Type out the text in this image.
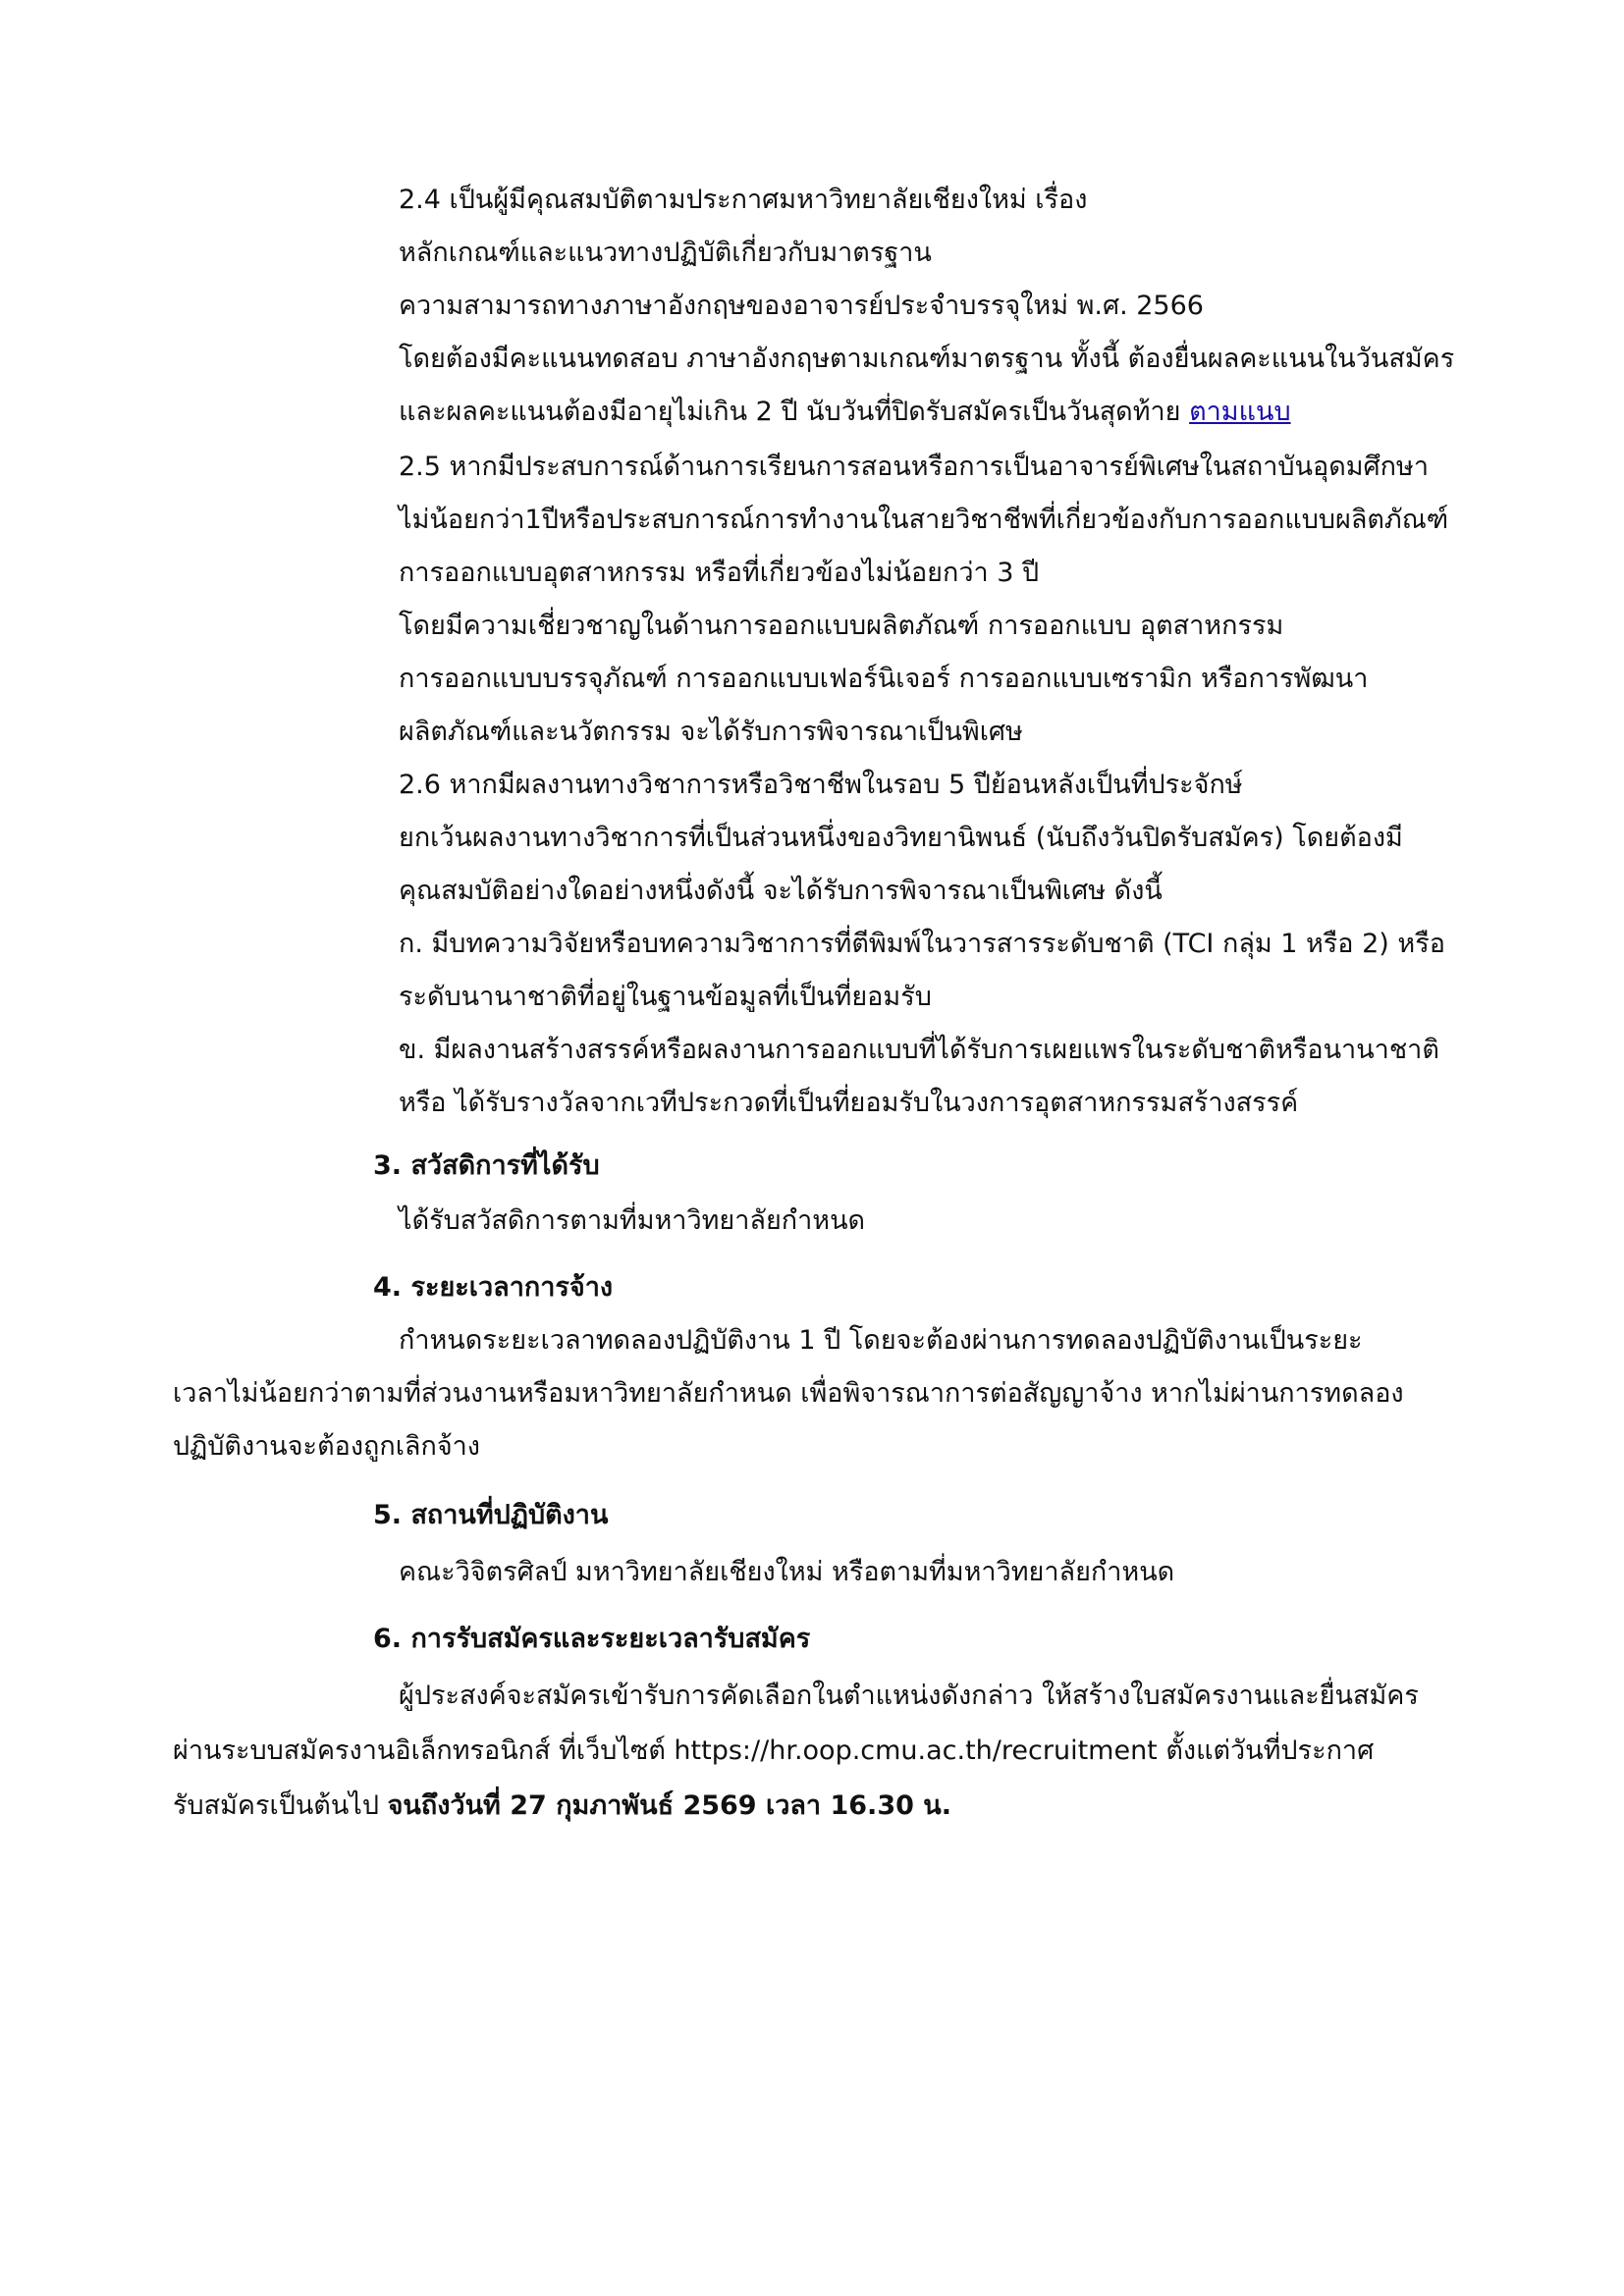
2.4 เป็นผู้มีคุณสมบัติตามประกาศมหาวิทยาลัยเชียงใหม่ เรื่อง
หลักเกณฑ์และแนวทางปฏิบัติเกี่ยวกับมาตรฐาน
ความสามารถทางภาษาอังกฤษของอาจารย์ประจำบรรจุใหม่ พ.ศ. 2566
โดยต้องมีคะแนนทดสอบ ภาษาอังกฤษตามเกณฑ์มาตรฐาน ทั้งนี้ ต้องยื่นผลคะแนนในวันสมัคร
และผลคะแนนต้องมีอายุไม่เกิน 2 ปี นับวันที่ปิดรับสมัครเป็นวันสุดท้าย ตามแนบ
2.5 หากมีประสบการณ์ด้านการเรียนการสอนหรือการเป็นอาจารย์พิเศษในสถาบันอุดมศึกษา
ไม่น้อยกว่า1ปีหรือประสบการณ์การทำงานในสายวิชาชีพที่เกี่ยวข้องกับการออกแบบผลิตภัณฑ์
การออกแบบอุตสาหกรรม หรือที่เกี่ยวข้องไม่น้อยกว่า 3 ปี
โดยมีความเชี่ยวชาญในด้านการออกแบบผลิตภัณฑ์ การออกแบบ อุตสาหกรรม
การออกแบบบรรจุภัณฑ์ การออกแบบเฟอร์นิเจอร์ การออกแบบเซรามิก หรือการพัฒนา
ผลิตภัณฑ์และนวัตกรรม จะได้รับการพิจารณาเป็นพิเศษ
2.6 หากมีผลงานทางวิชาการหรือวิชาชีพในรอบ 5 ปีย้อนหลังเป็นที่ประจักษ์
ยกเว้นผลงานทางวิชาการที่เป็นส่วนหนึ่งของวิทยานิพนธ์ (นับถึงวันปิดรับสมัคร) โดยต้องมี
คุณสมบัติอย่างใดอย่างหนึ่งดังนี้ จะได้รับการพิจารณาเป็นพิเศษ ดังนี้
ก. มีบทความวิจัยหรือบทความวิชาการที่ตีพิมพ์ในวารสารระดับชาติ (TCI กลุ่ม 1 หรือ 2) หรือ
ระดับนานาชาติที่อยู่ในฐานข้อมูลที่เป็นที่ยอมรับ
ข. มีผลงานสร้างสรรค์หรือผลงานการออกแบบที่ได้รับการเผยแพรในระดับชาติหรือนานาชาติ
หรือ ได้รับรางวัลจากเวทีประกวดที่เป็นที่ยอมรับในวงการอุตสาหกรรมสร้างสรรค์
3. สวัสดิการที่ได้รับ
ได้รับสวัสดิการตามที่มหาวิทยาลัยกำหนด
4. ระยะเวลาการจ้าง
กำหนดระยะเวลาทดลองปฏิบัติงาน 1 ปี โดยจะต้องผ่านการทดลองปฏิบัติงานเป็นระยะ
เวลาไม่น้อยกว่าตามที่ส่วนงานหรือมหาวิทยาลัยกำหนด เพื่อพิจารณาการต่อสัญญาจ้าง หากไม่ผ่านการทดลอง
ปฏิบัติงานจะต้องถูกเลิกจ้าง
5. สถานที่ปฏิบัติงาน
คณะวิจิตรศิลป์ มหาวิทยาลัยเชียงใหม่ หรือตามที่มหาวิทยาลัยกำหนด
6. การรับสมัครและระยะเวลารับสมัคร
ผู้ประสงค์จะสมัครเข้ารับการคัดเลือกในตำแหน่งดังกล่าว ให้สร้างใบสมัครงานและยื่นสมัคร
ผ่านระบบสมัครงานอิเล็กทรอนิกส์ ที่เว็บไซต์ https://hr.oop.cmu.ac.th/recruitment ตั้งแต่วันที่ประกาศ
รับสมัครเป็นต้นไป จนถึงวันที่ 27 กุมภาพันธ์ 2569 เวลา 16.30 น.
